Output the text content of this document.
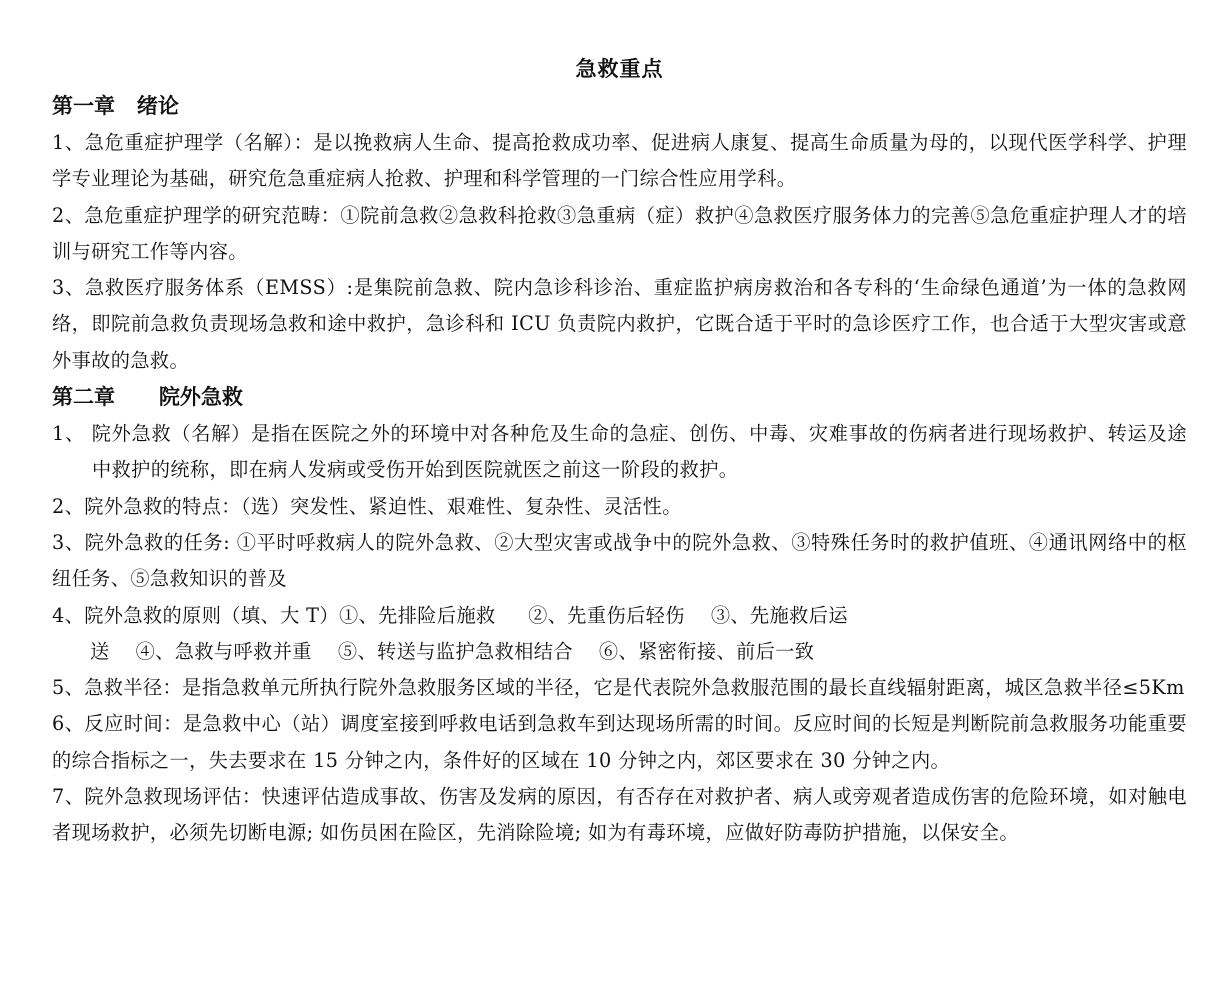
急救重点
第一章   绪论

1、急危重症护理学（名解）：是以挽救病人生命、提高抢救成功率、促进病人康复、提高生命质量为母的，以现代医学科学、护理学专业理论为基础，研究危急重症病人抢救、护理和科学管理的一门综合性应用学科。

2、急危重症护理学的研究范畴：①院前急救②急救科抢救③急重病（症）救护④急救医疗服务体力的完善⑤急危重症护理人才的培训与研究工作等内容。

3、急救医疗服务体系（EMSS）:是集院前急救、院内急诊科诊治、重症监护病房救治和各专科的‘生命绿色通道’为一体的急救网络，即院前急救负责现场急救和途中救护，急诊科和 ICU 负责院内救护，它既合适于平时的急诊医疗工作，也合适于大型灾害或意外事故的急救。

第二章      院外急救

1、 院外急救（名解）是指在医院之外的环境中对各种危及生命的急症、创伤、中毒、灾难事故的伤病者进行现场救护、转运及途中救护的统称，即在病人发病或受伤开始到医院就医之前这一阶段的救护。

2、院外急救的特点：（选）突发性、紧迫性、艰难性、复杂性、灵活性。

3、院外急救的任务: ①平时呼救病人的院外急救、②大型灾害或战争中的院外急救、③特殊任务时的救护值班、④通讯网络中的枢纽任务、⑤急救知识的普及

4、院外急救的原则（填、大 T）①、先排险后施救     ②、先重伤后轻伤    ③、先施救后运
送    ④、急救与呼救并重    ⑤、转送与监护急救相结合    ⑥、紧密衔接、前后一致

5、急救半径：是指急救单元所执行院外急救服务区域的半径，它是代表院外急救服范围的最长直线辐射距离，城区急救半径≤5Km

6、反应时间：是急救中心（站）调度室接到呼救电话到急救车到达现场所需的时间。反应时间的长短是判断院前急救服务功能重要的综合指标之一，失去要求在 15 分钟之内，条件好的区域在 10 分钟之内，郊区要求在 30 分钟之内。

7、院外急救现场评估：快速评估造成事故、伤害及发病的原因，有否存在对救护者、病人或旁观者造成伤害的危险环境，如对触电者现场救护，必须先切断电源; 如伤员困在险区，先消除险境; 如为有毒环境，应做好防毒防护措施，以保安全。
